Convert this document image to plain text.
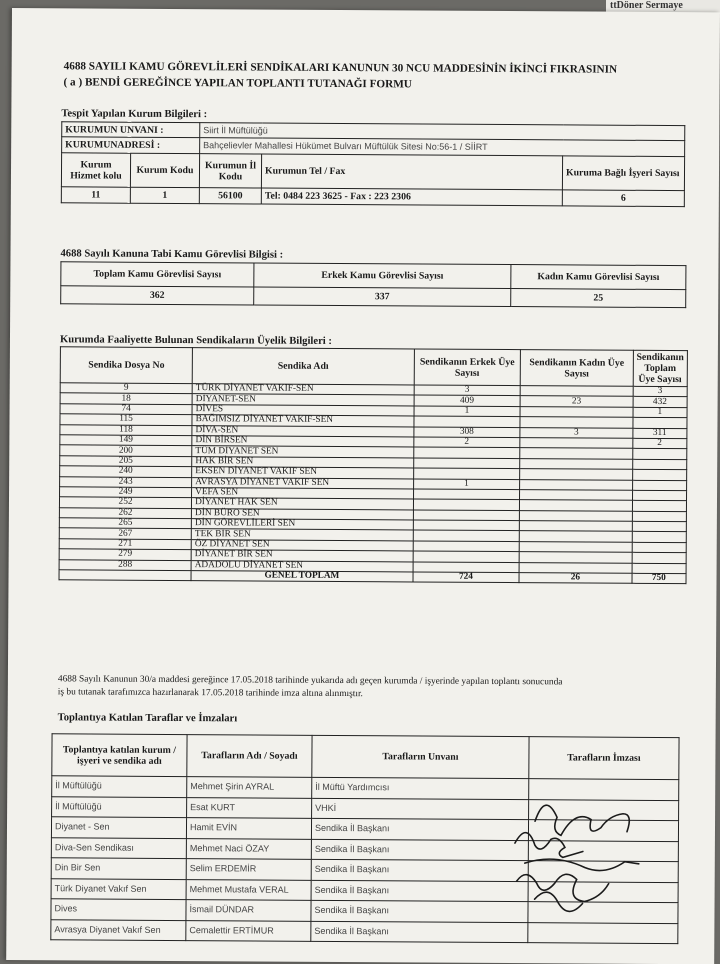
ttDöner Sermaye
4688 SAYILI KAMU GÖREVLİLERİ SENDİKALARI KANUNUN 30 NCU MADDESİNİN İKİNCİ FIKRASININ
( a ) BENDİ GEREĞİNCE YAPILAN TOPLANTI TUTANAĞI FORMU
Tespit Yapılan Kurum Bilgileri :
KURUMUN UNVANI :		Siirt İl Müftülüğü		
KURUMUNADRESİ :		Bahçelievler Mahallesi Hükümet Bulvarı Müftülük Sitesi No:56-1 / SİİRT		
Kurum Hizmet kolu	Kurum Kodu	Kurumun İl Kodu	Kurumun Tel / Fax	Kuruma Bağlı İşyeri Sayısı
11	1	56100	Tel: 0484 223 3625 - Fax : 223 2306	6
4688 Sayılı Kanuna Tabi Kamu Görevlisi Bilgisi :
Toplam Kamu Görevlisi Sayısı	Erkek Kamu Görevlisi Sayısı	Kadın Kamu Görevlisi Sayısı
362	337	25
Kurumda Faaliyette Bulunan Sendikaların Üyelik Bilgileri :
Sendika Dosya No	Sendika Adı	Sendikanın Erkek Üye Sayısı	Sendikanın Kadın Üye Sayısı	Sendikanın Toplam Üye Sayısı
9	TÜRK DİYANET VAKIF-SEN	3		3
18	DİYANET-SEN	409	23	432
74	DİVES	1		1
115	BAĞIMSIZ DİYANET VAKIF-SEN			
118	DİVA-SEN	308	3	311
149	DİN BİRSEN	2		2
200	TÜM DİYANET SEN			
205	HAK BİR SEN			
240	EKSEN DİYANET VAKIF SEN			
243	AVRASYA DİYANET VAKIF SEN	1		
249	VEFA SEN			
252	DİYANET HAK SEN			
262	DİN BÜRO SEN			
265	DİN GÖREVLİLERİ SEN			
267	TEK BİR SEN			
271	ÖZ DİYANET SEN			
279	DİYANET BİR SEN			
288	ADADOLU DİYANET SEN			
	GENEL TOPLAM	724	26	750
4688 Sayılı Kanunun 30/a maddesi gereğince 17.05.2018 tarihinde yukarıda adı geçen kurumda / işyerinde yapılan toplantı sonucunda
iş bu tutanak tarafımızca hazırlanarak 17.05.2018 tarihinde imza altına alınmıştır.
Toplantıya Katılan Taraflar ve İmzaları
Toplantıya katılan kurum / işyeri ve sendika adı	Tarafların Adı / Soyadı	Tarafların Unvanı	Tarafların İmzası
İl Müftülüğü	Mehmet Şirin AYRAL	İl Müftü Yardımcısı	
İl Müftülüğü	Esat KURT	VHKİ	
Diyanet - Sen	Hamit EVİN	Sendika İl Başkanı	
Diva-Sen Sendikası	Mehmet Naci ÖZAY	Sendika İl Başkanı	
Din Bir Sen	Selim ERDEMİR	Sendika İl Başkanı	
Türk Diyanet Vakıf Sen	Mehmet Mustafa VERAL	Sendika İl Başkanı	
Dives	İsmail DÜNDAR	Sendika İl Başkanı	
Avrasya Diyanet Vakıf Sen	Cemalettir ERTİMUR	Sendika İl Başkanı	
